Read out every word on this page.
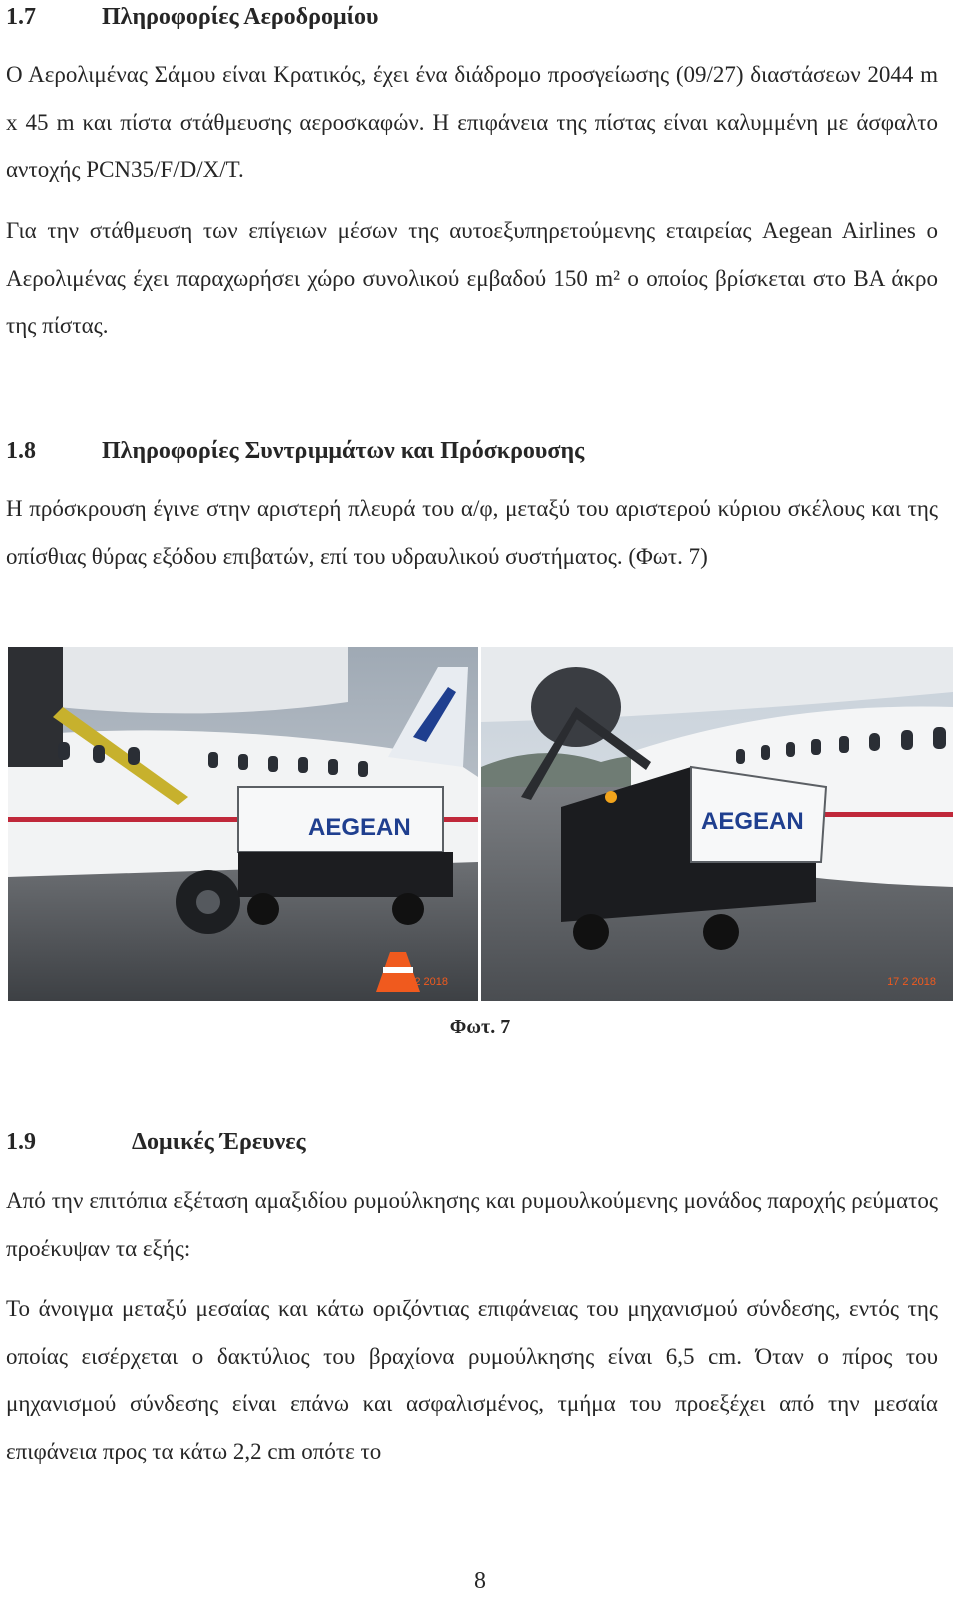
1.7	Πληροφορίες Αεροδρομίου

Ο Αερολιμένας Σάμου είναι Κρατικός, έχει ένα διάδρομο προσγείωσης (09/27) διαστάσεων 2044 m x 45 m και πίστα στάθμευσης αεροσκαφών. Η επιφάνεια της πίστας είναι καλυμμένη με άσφαλτο αντοχής PCN35/F/D/X/T.

Για την στάθμευση των επίγειων μέσων της αυτοεξυπηρετούμενης εταιρείας Aegean Airlines ο Αερολιμένας έχει παραχωρήσει χώρο συνολικού εμβαδού 150 m² ο οποίος βρίσκεται στο ΒΑ άκρο της πίστας.

1.8	Πληροφορίες Συντριμμάτων και Πρόσκρουσης

Η πρόσκρουση έγινε στην αριστερή πλευρά του α/φ, μεταξύ του αριστερού κύριου σκέλους και της οπίσθιας θύρας εξόδου επιβατών, επί του υδραυλικού συστήματος. (Φωτ. 7)

AEGEAN
12 2 2018
AEGEAN
17 2 2018

Φωτ. 7

1.9	Δομικές Έρευνες

Από την επιτόπια εξέταση αμαξιδίου ρυμούλκησης και ρυμουλκούμενης μονάδος παροχής ρεύματος προέκυψαν τα εξής:

Το άνοιγμα μεταξύ μεσαίας και κάτω οριζόντιας επιφάνειας του μηχανισμού σύνδεσης, εντός της οποίας εισέρχεται ο δακτύλιος του βραχίονα ρυμούλκησης είναι 6,5 cm. Όταν ο πίρος του μηχανισμού σύνδεσης είναι επάνω και ασφαλισμένος, τμήμα του προεξέχει από την μεσαία επιφάνεια προς τα κάτω 2,2 cm οπότε το

8
